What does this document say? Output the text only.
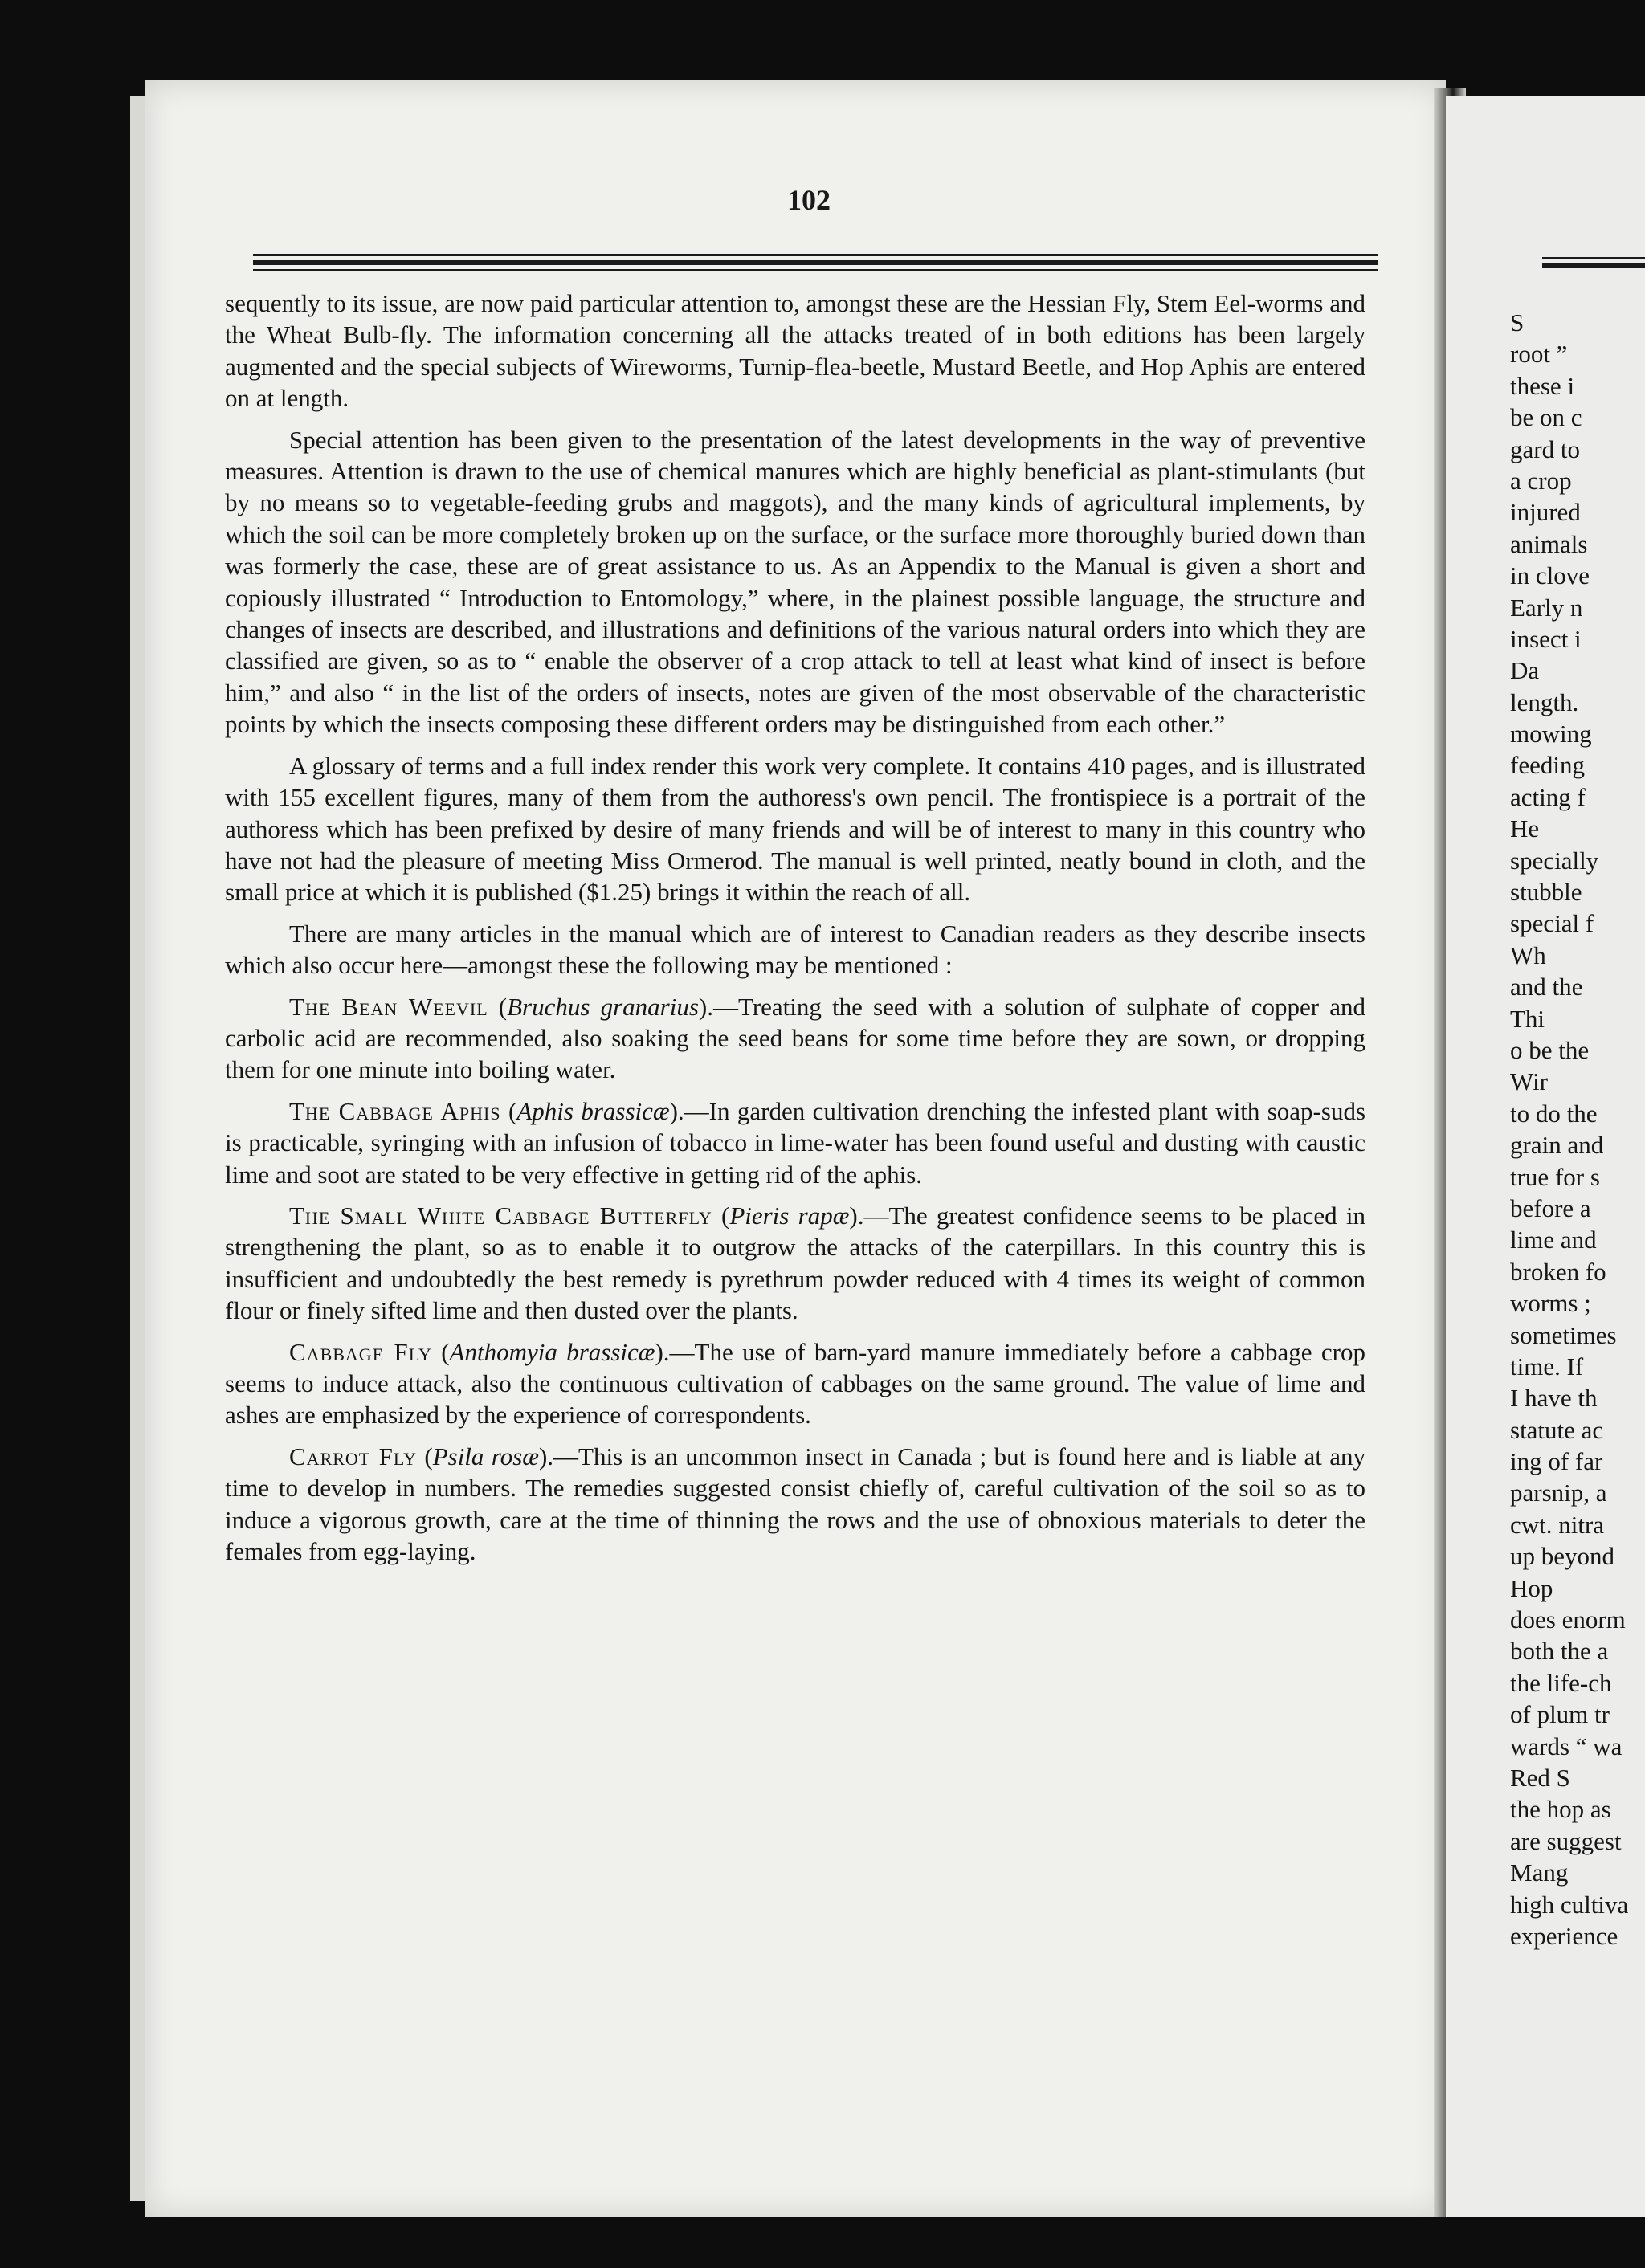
S
root ”
these i
be on c
gard to
a crop
injured
animals
in clove
Early n
insect i
Da
length.
mowing
feeding
acting f
He
specially
stubble
special f
Wh
and the
Thi
o be the
Wir
to do the
grain and
true for s
before a
lime and
broken fo
worms ;
sometimes
time. If
I have th
statute ac
ing of far
parsnip, a
cwt. nitra
up beyond
Hop
does enorm
both the a
the life-ch
of plum tr
wards “ wa
Red S
the hop as
are suggest
Mang
high cultiva
experience
102

sequently to its issue, are now paid particular attention to, amongst these are the Hessian Fly, Stem Eel-worms and the Wheat Bulb-fly. The information concerning all the attacks treated of in both editions has been largely augmented and the special subjects of Wireworms, Turnip-flea-beetle, Mustard Beetle, and Hop Aphis are entered on at length.

Special attention has been given to the presentation of the latest developments in the way of preventive measures. Attention is drawn to the use of chemical manures which are highly beneficial as plant-stimulants (but by no means so to vegetable-feeding grubs and maggots), and the many kinds of agricultural implements, by which the soil can be more completely broken up on the surface, or the surface more thoroughly buried down than was formerly the case, these are of great assistance to us. As an Appendix to the Manual is given a short and copiously illustrated “ Introduction to Entomology,” where, in the plainest possible language, the structure and changes of insects are described, and illustrations and definitions of the various natural orders into which they are classified are given, so as to “ enable the observer of a crop attack to tell at least what kind of insect is before him,” and also “ in the list of the orders of insects, notes are given of the most observable of the characteristic points by which the insects composing these different orders may be distinguished from each other.”

A glossary of terms and a full index render this work very complete. It contains 410 pages, and is illustrated with 155 excellent figures, many of them from the authoress's own pencil. The frontispiece is a portrait of the authoress which has been prefixed by desire of many friends and will be of interest to many in this country who have not had the pleasure of meeting Miss Ormerod. The manual is well printed, neatly bound in cloth, and the small price at which it is published ($1.25) brings it within the reach of all.

There are many articles in the manual which are of interest to Canadian readers as they describe insects which also occur here—amongst these the following may be mentioned :

The Bean Weevil (Bruchus granarius).—Treating the seed with a solution of sulphate of copper and carbolic acid are recommended, also soaking the seed beans for some time before they are sown, or dropping them for one minute into boiling water.

The Cabbage Aphis (Aphis brassicæ).—In garden cultivation drenching the infested plant with soap-suds is practicable, syringing with an infusion of tobacco in lime-water has been found useful and dusting with caustic lime and soot are stated to be very effective in getting rid of the aphis.

The Small White Cabbage Butterfly (Pieris rapæ).—The greatest confidence seems to be placed in strengthening the plant, so as to enable it to outgrow the attacks of the caterpillars. In this country this is insufficient and undoubtedly the best remedy is pyrethrum powder reduced with 4 times its weight of common flour or finely sifted lime and then dusted over the plants.

Cabbage Fly (Anthomyia brassicæ).—The use of barn-yard manure immediately before a cabbage crop seems to induce attack, also the continuous cultivation of cabbages on the same ground. The value of lime and ashes are emphasized by the experience of correspondents.

Carrot Fly (Psila rosæ).—This is an uncommon insect in Canada ; but is found here and is liable at any time to develop in numbers. The remedies suggested consist chiefly of, careful cultivation of the soil so as to induce a vigorous growth, care at the time of thinning the rows and the use of obnoxious materials to deter the females from egg-laying.
